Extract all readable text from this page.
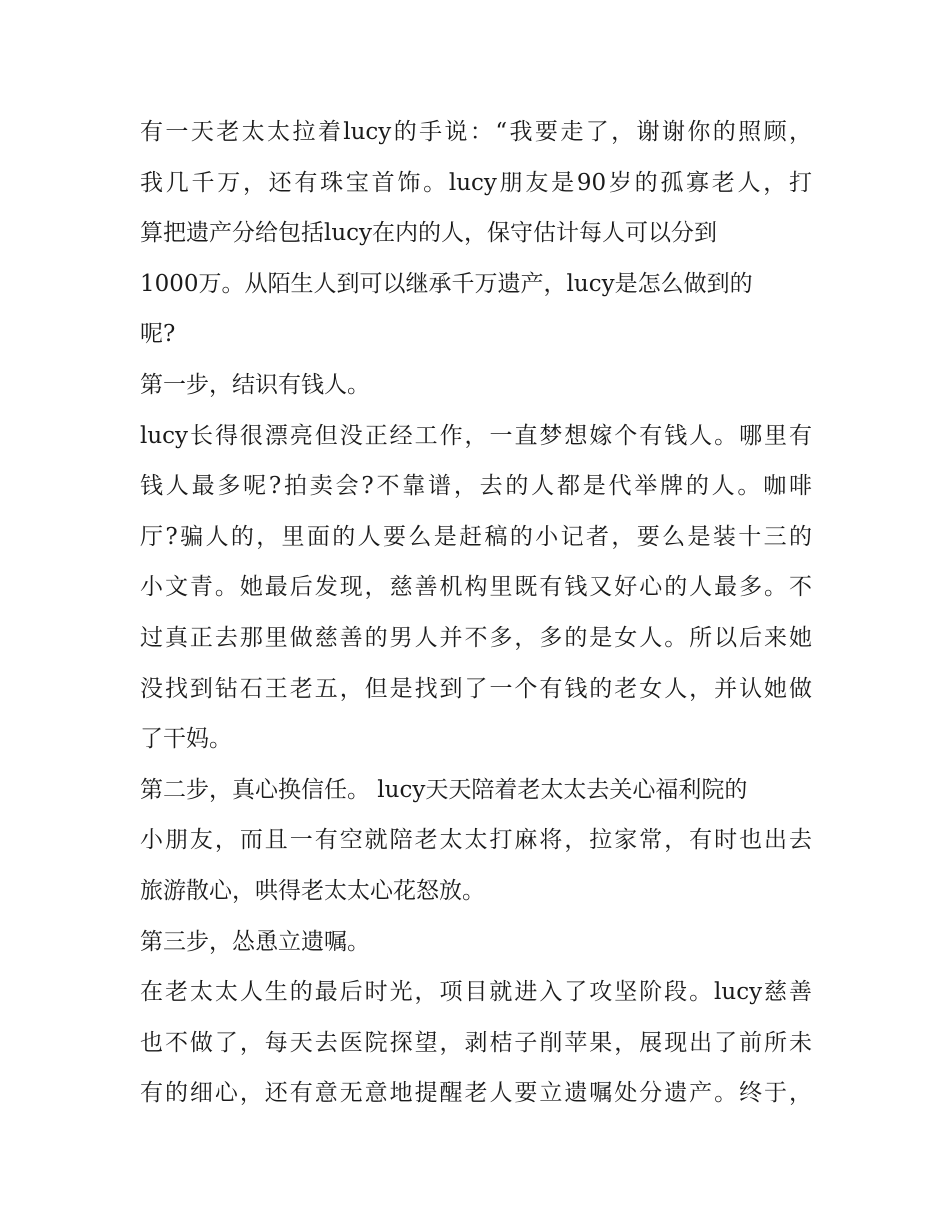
有一天老太太拉着lucy的手说：“我要走了，谢谢你的照顾，
我几千万，还有珠宝首饰。lucy朋友是90岁的孤寡老人，打
算把遗产分给包括lucy在内的人，保守估计每人可以分到
1000万。从陌生人到可以继承千万遗产，lucy是怎么做到的
呢?
第一步，结识有钱人。
lucy长得很漂亮但没正经工作，一直梦想嫁个有钱人。哪里有
钱人最多呢?拍卖会?不靠谱，去的人都是代举牌的人。咖啡
厅?骗人的，里面的人要么是赶稿的小记者，要么是装十三的
小文青。她最后发现，慈善机构里既有钱又好心的人最多。不
过真正去那里做慈善的男人并不多，多的是女人。所以后来她
没找到钻石王老五，但是找到了一个有钱的老女人，并认她做
了干妈。
第二步，真心换信任。 lucy天天陪着老太太去关心福利院的
小朋友，而且一有空就陪老太太打麻将，拉家常，有时也出去
旅游散心，哄得老太太心花怒放。
第三步，怂恿立遗嘱。
在老太太人生的最后时光，项目就进入了攻坚阶段。lucy慈善
也不做了，每天去医院探望，剥桔子削苹果，展现出了前所未
有的细心，还有意无意地提醒老人要立遗嘱处分遗产。终于，
